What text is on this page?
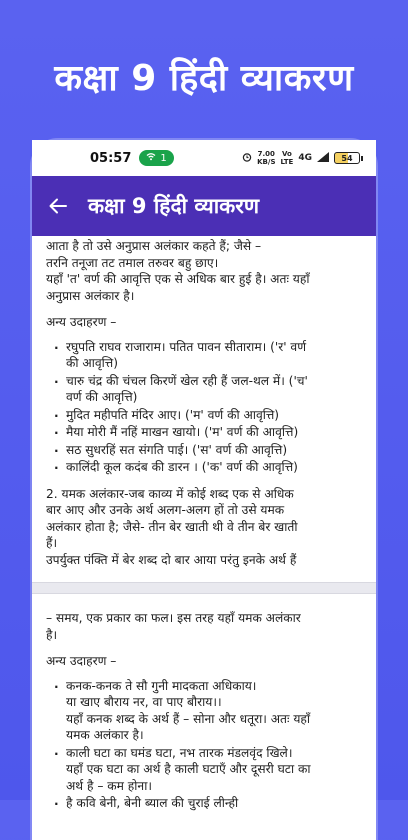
कक्षा 9 हिंदी व्याकरण
05:57	1	7.00
KB/S
Vo
LTE 4G	54
कक्षा 9 हिंदी व्याकरण
आता है तो उसे अनुप्रास अलंकार कहते हैं; जैसे –
तरनि तनूजा तट तमाल तरुवर बहु छाए।
यहाँ 'त' वर्ण की आवृत्ति एक से अधिक बार हुई है। अतः यहाँ
अनुप्रास अलंकार है।
अन्य उदाहरण –
. रघुपति राघव राजाराम। पतित पावन सीताराम। ('र' वर्ण
की आवृत्ति)
. चारु चंद्र की चंचल किरणें खेल रही हैं जल-थल में। ('च'
वर्ण की आवृत्ति)
. मुदित महीपति मंदिर आए। ('म' वर्ण की आवृत्ति)
. मैया मोरी मैं नहिं माखन खायो। ('म' वर्ण की आवृत्ति)
. सठ सुधरहिं सत संगति पाई। ('स' वर्ण की आवृत्ति)
. कालिंदी कूल कदंब की डारन । ('क' वर्ण की आवृत्ति)
2. यमक अलंकार-जब काव्य में कोई शब्द एक से अधिक
बार आए और उनके अर्थ अलग-अलग हों तो उसे यमक
अलंकार होता है; जैसे- तीन बेर खाती थी वे तीन बेर खाती
हैं।
उपर्युक्त पंक्ति में बेर शब्द दो बार आया परंतु इनके अर्थ हैं
– समय, एक प्रकार का फल। इस तरह यहाँ यमक अलंकार
है।
अन्य उदाहरण –
. कनक-कनक ते सौ गुनी मादकता अधिकाय।
या खाए बौराय नर, वा पाए बौराय।।
यहाँ कनक शब्द के अर्थ हैं – सोना और धतूरा। अतः यहाँ
यमक अलंकार है।
. काली घटा का घमंड घटा, नभ तारक मंडलवृंद खिले।
यहाँ एक घटा का अर्थ है काली घटाएँ और दूसरी घटा का
अर्थ है – कम होना।
. है कवि बेनी, बेनी ब्याल की चुराई लीन्ही
